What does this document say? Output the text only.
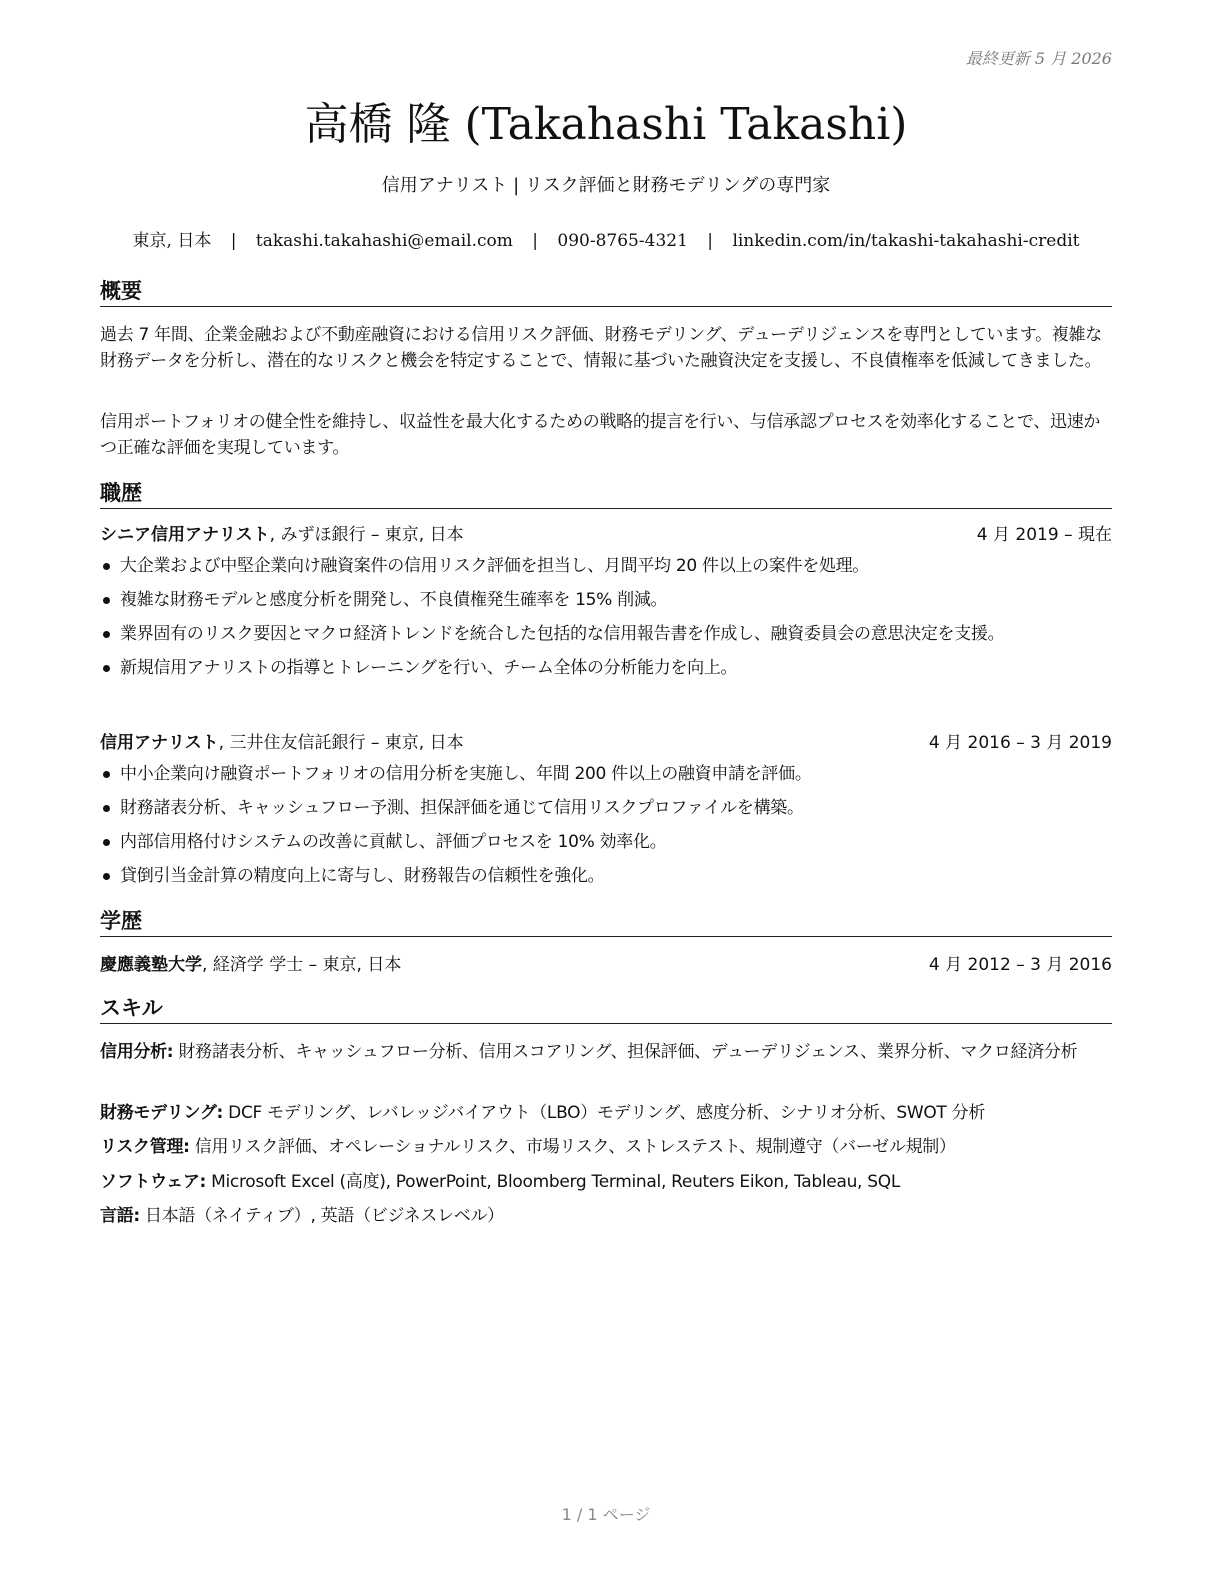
最終更新 5 月 2026
高橋 隆 (Takahashi Takashi)
信用アナリスト | リスク評価と財務モデリングの専門家
東京, 日本 | takashi.takahashi@email.com | 090-8765-4321 | linkedin.com/in/takashi-takahashi-credit
概要
過去 7 年間、企業金融および不動産融資における信用リスク評価、財務モデリング、デューデリジェンスを専門としています。複雑な財務データを分析し、潜在的なリスクと機会を特定することで、情報に基づいた融資決定を支援し、不良債権率を低減してきました。
信用ポートフォリオの健全性を維持し、収益性を最大化するための戦略的提言を行い、与信承認プロセスを効率化することで、迅速かつ正確な評価を実現しています。
職歴
シニア信用アナリスト, みずほ銀行 – 東京, 日本	4 月 2019 – 現在
大企業および中堅企業向け融資案件の信用リスク評価を担当し、月間平均 20 件以上の案件を処理。
複雑な財務モデルと感度分析を開発し、不良債権発生確率を 15% 削減。
業界固有のリスク要因とマクロ経済トレンドを統合した包括的な信用報告書を作成し、融資委員会の意思決定を支援。
新規信用アナリストの指導とトレーニングを行い、チーム全体の分析能力を向上。
信用アナリスト, 三井住友信託銀行 – 東京, 日本	4 月 2016 – 3 月 2019
中小企業向け融資ポートフォリオの信用分析を実施し、年間 200 件以上の融資申請を評価。
財務諸表分析、キャッシュフロー予測、担保評価を通じて信用リスクプロファイルを構築。
内部信用格付けシステムの改善に貢献し、評価プロセスを 10% 効率化。
貸倒引当金計算の精度向上に寄与し、財務報告の信頼性を強化。
学歴
慶應義塾大学, 経済学 学士 – 東京, 日本	4 月 2012 – 3 月 2016
スキル
信用分析: 財務諸表分析、キャッシュフロー分析、信用スコアリング、担保評価、デューデリジェンス、業界分析、マクロ経済分析
財務モデリング: DCF モデリング、レバレッジバイアウト（LBO）モデリング、感度分析、シナリオ分析、SWOT 分析
リスク管理: 信用リスク評価、オペレーショナルリスク、市場リスク、ストレステスト、規制遵守（バーゼル規制）
ソフトウェア: Microsoft Excel (高度), PowerPoint, Bloomberg Terminal, Reuters Eikon, Tableau, SQL
言語: 日本語（ネイティブ）, 英語（ビジネスレベル）
1 / 1 ページ
